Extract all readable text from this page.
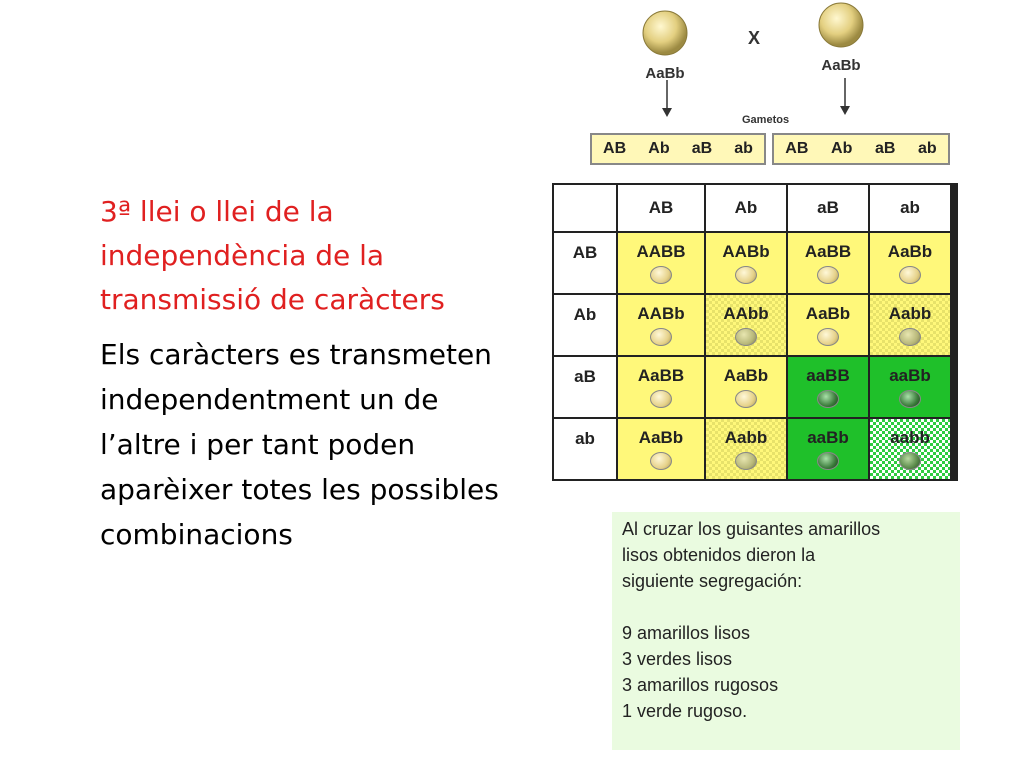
3ª llei o llei de la independència de la transmissió de caràcters

Els caràcters es transmeten independentment un de l’altre i per tant poden aparèixer totes les possibles combinacions

AaBb
X
AaBb
Gametos
AB Ab aB ab AB Ab aB ab
AB	Ab	aB	ab
AB	AABB AABb AaBB AaBb
Ab	AABb AAbb AaBb Aabb
aB	AaBB AaBb aaBB aaBb
ab	AaBb Aabb aaBb aabb

Al cruzar los guisantes amarillos

lisos obtenidos dieron la

siguiente segregación:

9 amarillos lisos

3 verdes lisos

3 amarillos rugosos

1 verde rugoso.
